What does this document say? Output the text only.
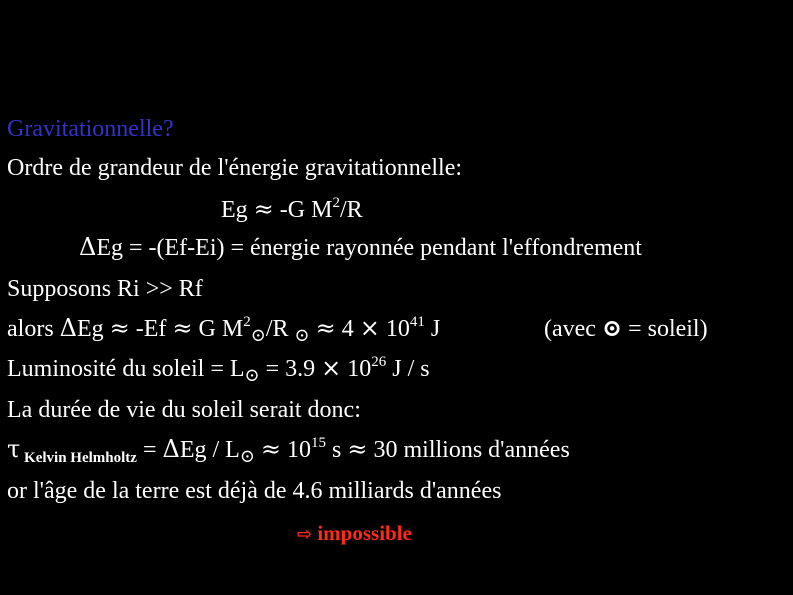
Gravitationnelle?
Ordre de grandeur de l'énergie gravitationnelle:
Eg ≈ -G $M^2/R$
ΔEg = -(Ef-Ei) = énergie rayonnée pendant l'effondrement
Supposons Ri >> Rf
alors ΔEg ≈ -Ef ≈ G $M^2_⊙/R$ $_⊙ \approx 4 \times 10^{41}$ J	(avec ⊙ = soleil)
Luminosité du soleil = $L_⊙ = 3.9 \times 10^{26}$ J / s
La durée de vie du soleil serait donc:
τ $_{Kelvin Helmholtz} = \Delta Eg / L_⊙ \approx 10^{15}$ s ≈ 30 millions d'années
or l'âge de la terre est déjà de 4.6 milliards d'années
⇨ impossible
